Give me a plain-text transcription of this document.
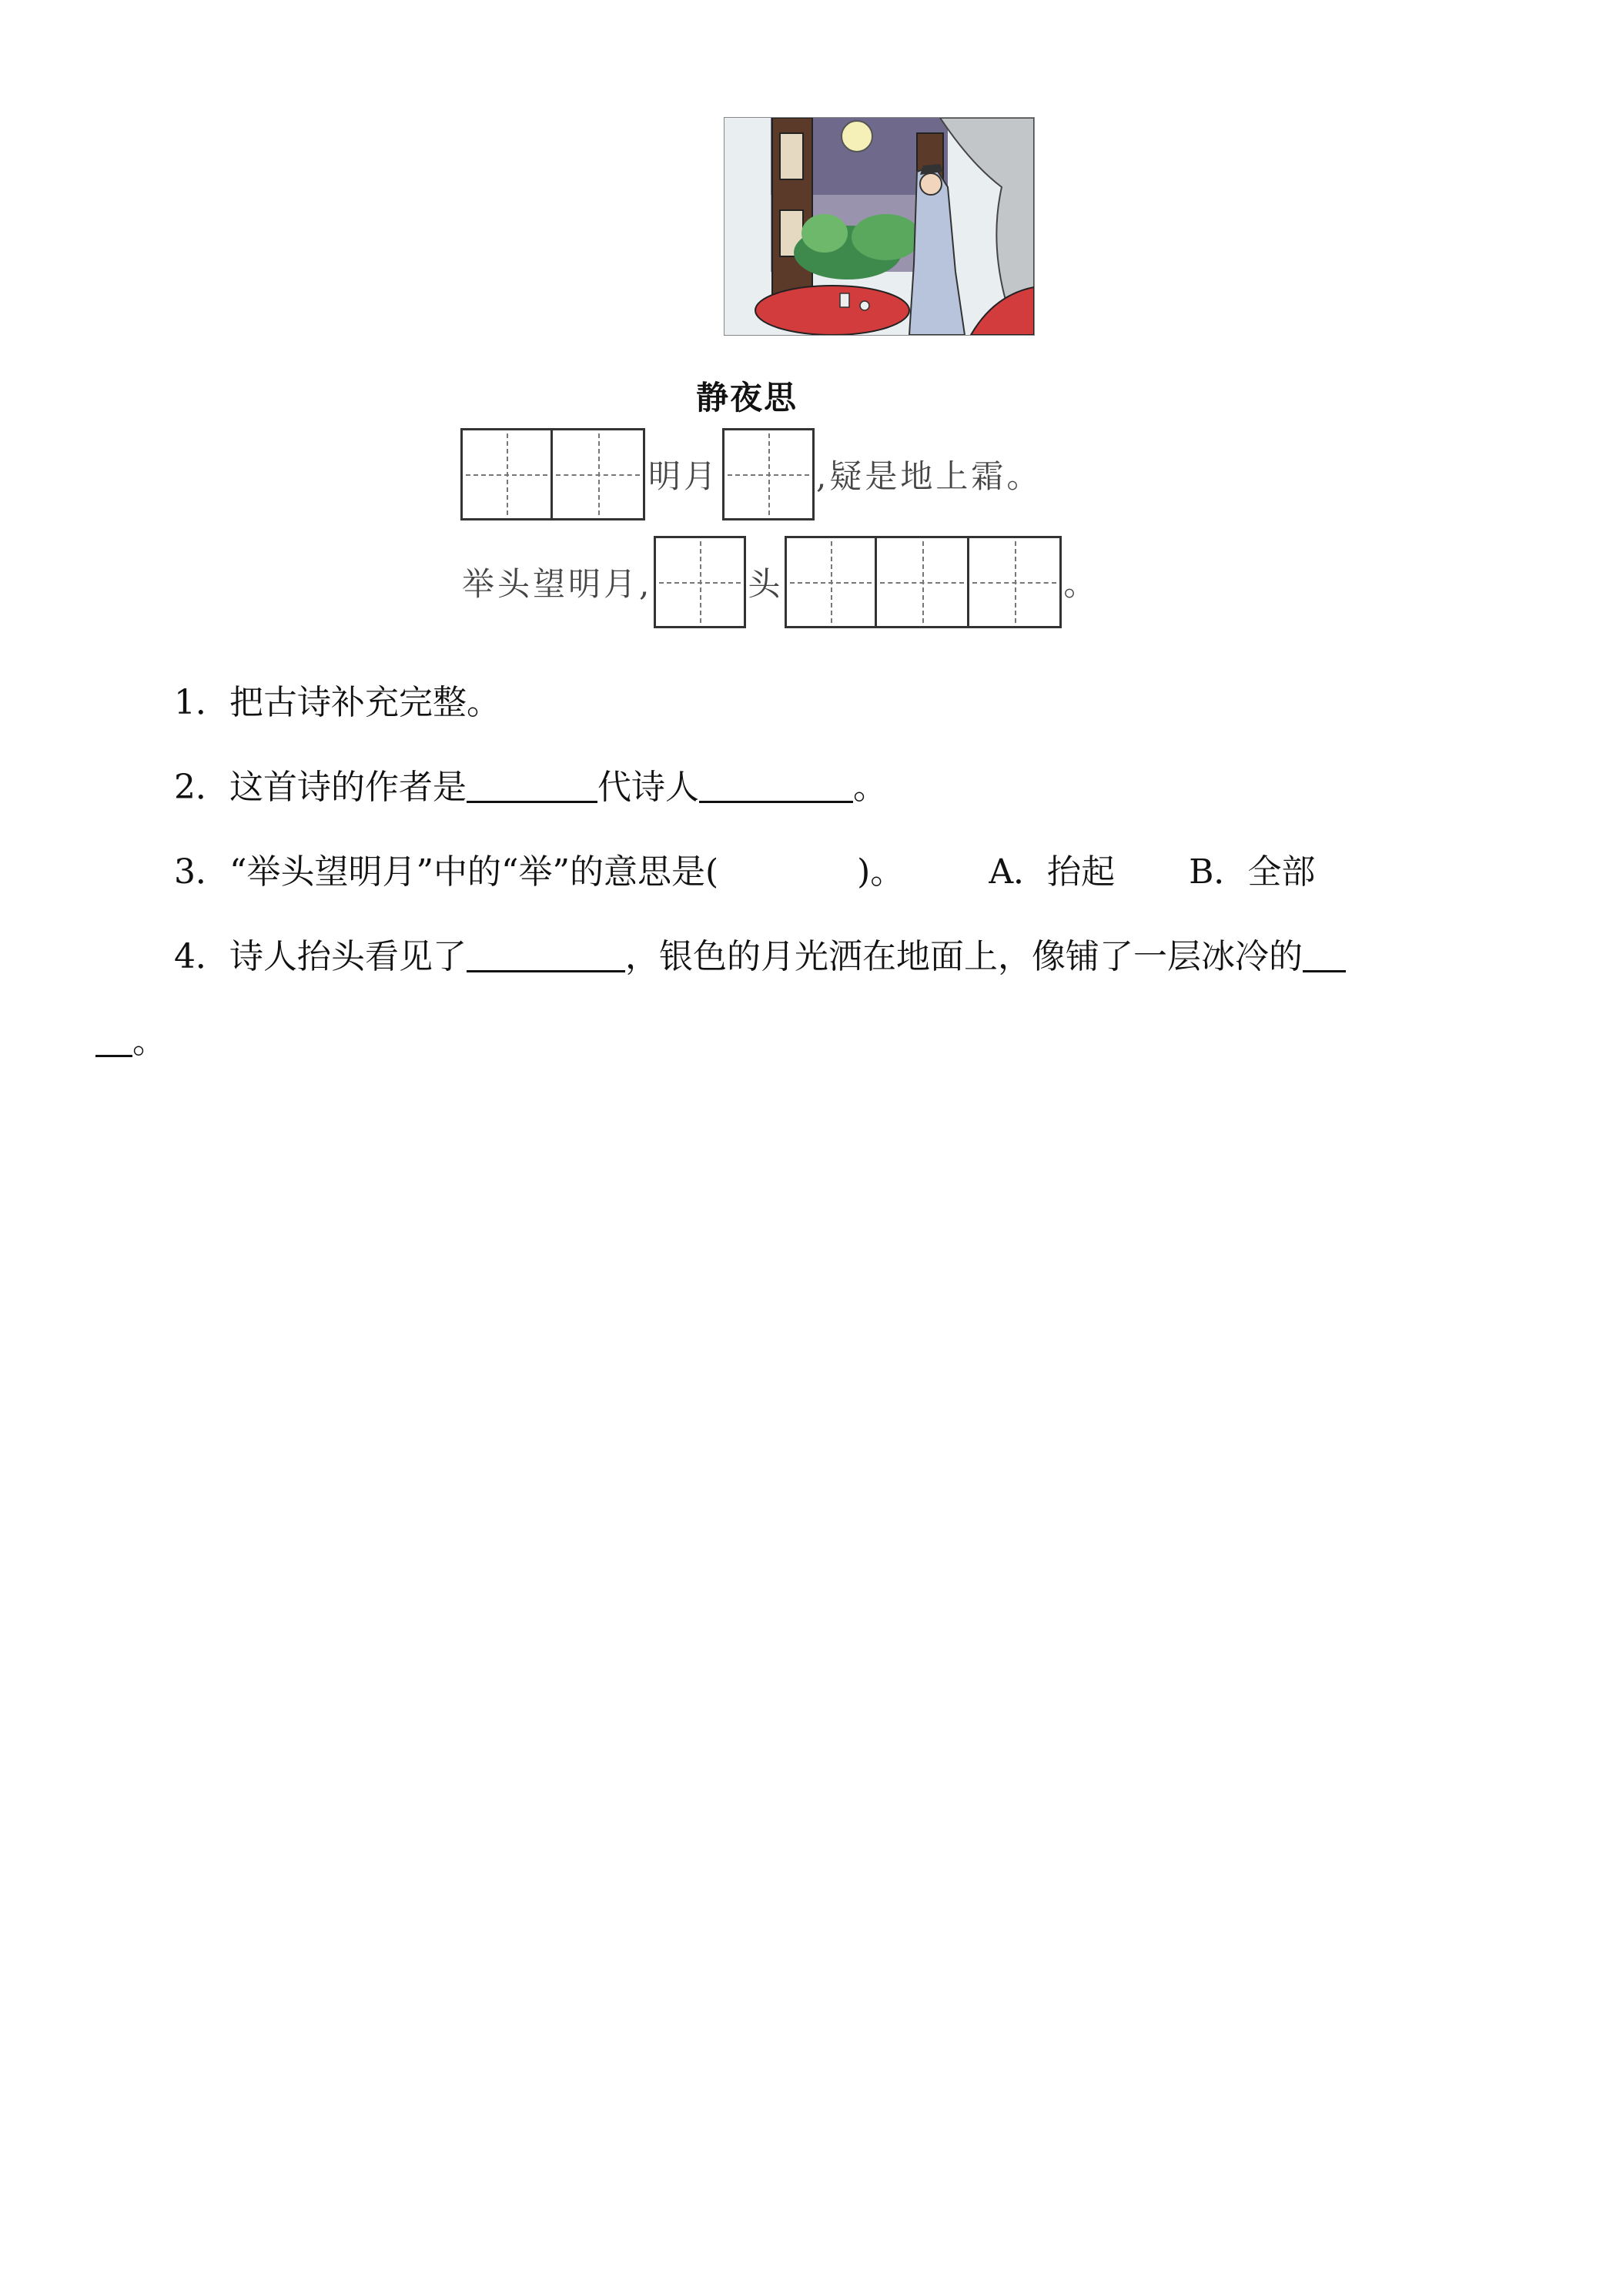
静夜思
明月	,疑是地上霜。
举头望明月,	头	。
1．把古诗补充完整。
2．这首诗的作者是	代诗人	。
3．“举头望明月”中的“举”的意思是(	)。	A．抬起 B．全部
4．诗人抬头看见了	，银色的月光洒在地面上，像铺了一层冰冷的
。
